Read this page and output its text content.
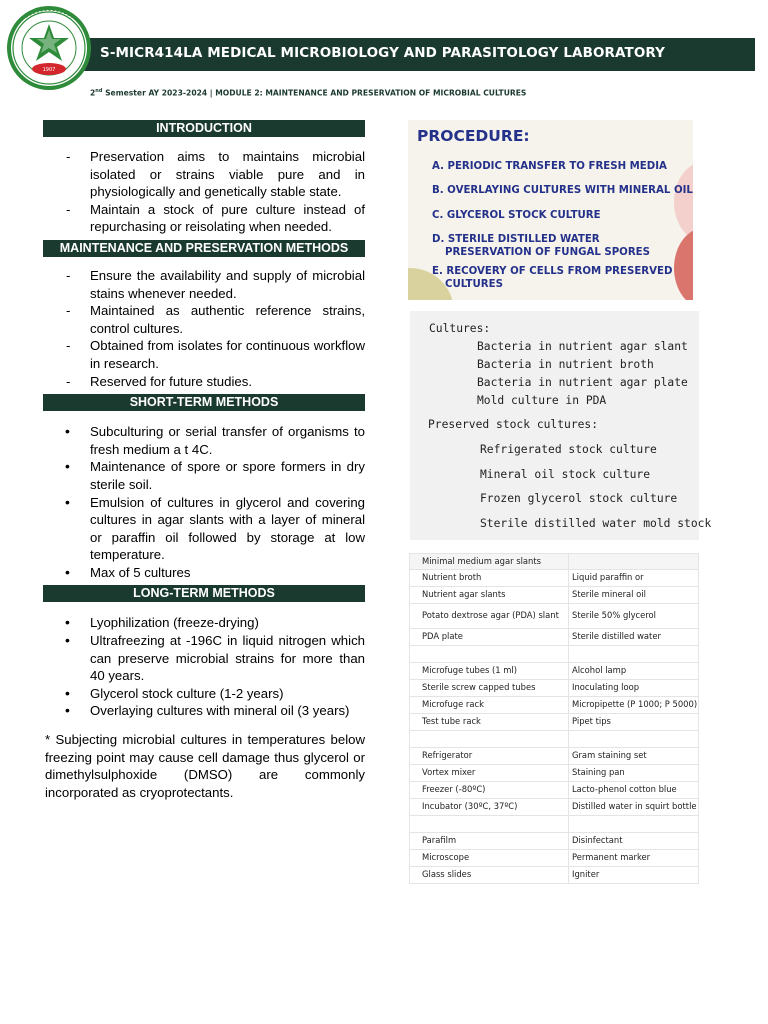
S-MICR414LA MEDICAL MICROBIOLOGY AND PARASITOLOGY LABORATORY
1907
2nd Semester AY 2023-2024 | MODULE 2: MAINTENANCE AND PRESERVATION OF MICROBIAL CULTURES
INTRODUCTION
- Preservation aims to maintains microbial isolated or strains viable pure and in physiologically and genetically stable state.
- Maintain a stock of pure culture instead of repurchasing or reisolating when needed.
MAINTENANCE AND PRESERVATION METHODS
- Ensure the availability and supply of microbial stains whenever needed.
- Maintained as authentic reference strains, control cultures.
- Obtained from isolates for continuous workflow in research.
- Reserved for future studies.
SHORT-TERM METHODS
• Subculturing or serial transfer of organisms to fresh medium a t 4C.
• Maintenance of spore or spore formers in dry sterile soil.
• Emulsion of cultures in glycerol and covering cultures in agar slants with a layer of mineral or paraffin oil followed by storage at low temperature.
• Max of 5 cultures
LONG-TERM METHODS
• Lyophilization (freeze-drying)
• Ultrafreezing at -196C in liquid nitrogen which can preserve microbial strains for more than 40 years.
• Glycerol stock culture (1-2 years)
• Overlaying cultures with mineral oil (3 years)

* Subjecting microbial cultures in temperatures below freezing point may cause cell damage thus glycerol or dimethylsulphoxide (DMSO) are commonly incorporated as cryoprotectants.

PROCEDURE:
A. PERIODIC TRANSFER TO FRESH MEDIA
B. OVERLAYING CULTURES WITH MINERAL OIL
C. GLYCEROL STOCK CULTURE
D. STERILE DISTILLED WATER
PRESERVATION OF FUNGAL SPORES
E. RECOVERY OF CELLS FROM PRESERVED
CULTURES
Cultures:
Bacteria in nutrient agar slant
Bacteria in nutrient broth
Bacteria in nutrient agar plate
Mold culture in PDA
Preserved stock cultures:
Refrigerated stock culture
Mineral oil stock culture
Frozen glycerol stock culture
Sterile distilled water mold stock
Minimal medium agar slants	
Nutrient broth	Liquid paraffin or
Nutrient agar slants	Sterile mineral oil
Potato dextrose agar (PDA) slant	Sterile 50% glycerol
PDA plate	Sterile distilled water

Microfuge tubes (1 ml)	Alcohol lamp
Sterile screw capped tubes	Inoculating loop
Microfuge rack	Micropipette (P 1000; P 5000)
Test tube rack	Pipet tips

Refrigerator	Gram staining set
Vortex mixer	Staining pan
Freezer (-80ºC)	Lacto-phenol cotton blue
Incubator (30ºC, 37ºC)	Distilled water in squirt bottle

Parafilm	Disinfectant
Microscope	Permanent marker
Glass slides	Igniter
